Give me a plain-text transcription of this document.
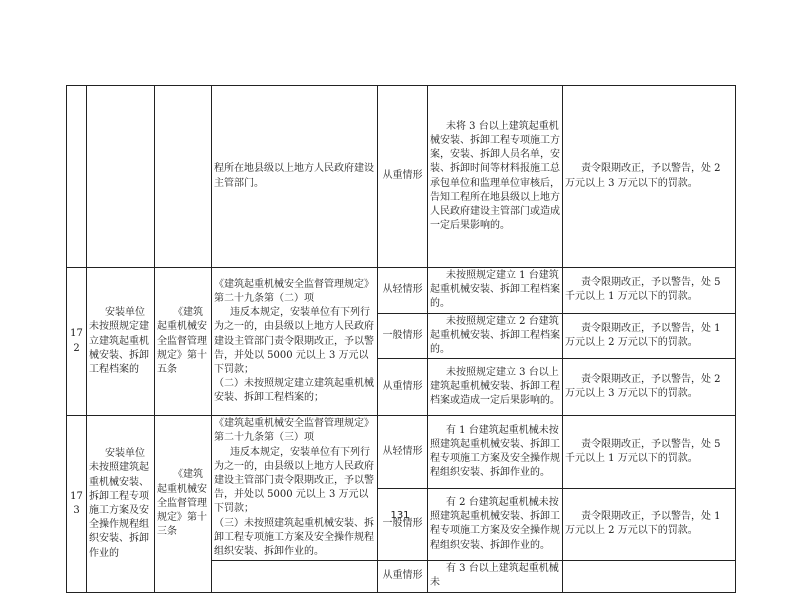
			程所在地县级以上地方人民政府建设主管部门。	从重情形	未将 3 台以上建筑起重机械安装、拆卸工程专项施工方案，安装、拆卸人员名单，安装、拆卸时间等材料报施工总承包单位和监理单位审核后，告知工程所在地县级以上地方人民政府建设主管部门或造成一定后果影响的。	责令限期改正，予以警告，处 2 万元以上 3 万元以下的罚款。

172	安装单位未按照规定建立建筑起重机械安装、拆卸工程档案的	《建筑起重机械安全监督管理规定》第十五条	《建筑起重机械安全监督管理规定》第二十九条第（二）项
违反本规定，安装单位有下列行为之一的，由县级以上地方人民政府建设主管部门责令限期改正，予以警告，并处以 5000 元以上 3 万元以下罚款；
（二）未按照规定建立建筑起重机械安装、拆卸工程档案的；	从轻情形	未按照规定建立 1 台建筑起重机械安装、拆卸工程档案的。	责令限期改正，予以警告，处 5 千元以上 1 万元以下的罚款。

				一般情形	未按照规定建立 2 台建筑起重机械安装、拆卸工程档案的。	责令限期改正，予以警告，处 1 万元以上 2 万元以下的罚款。

				从重情形	未按照规定建立 3 台以上建筑起重机械安装、拆卸工程档案或造成一定后果影响的。	责令限期改正，予以警告，处 2 万元以上 3 万元以下的罚款。

173	安装单位未按照建筑起重机械安装、拆卸工程专项施工方案及安全操作规程组织安装、拆卸作业的	《建筑起重机械安全监督管理规定》第十三条	《建筑起重机械安全监督管理规定》第二十九条第（三）项
违反本规定，安装单位有下列行为之一的，由县级以上地方人民政府建设主管部门责令限期改正，予以警告，并处以 5000 元以上 3 万元以下罚款；
（三）未按照建筑起重机械安装、拆卸工程专项施工方案及安全操作规程组织安装、拆卸作业的。	从轻情形	有 1 台建筑起重机械未按照建筑起重机械安装、拆卸工程专项施工方案及安全操作规程组织安装、拆卸作业的。	责令限期改正，予以警告，处 5 千元以上 1 万元以下的罚款。

				一般情形	有 2 台建筑起重机械未按照建筑起重机械安装、拆卸工程专项施工方案及安全操作规程组织安装、拆卸作业的。	责令限期改正，予以警告，处 1 万元以上 2 万元以下的罚款。

				从重情形	有 3 台以上建筑起重机械未	

131
